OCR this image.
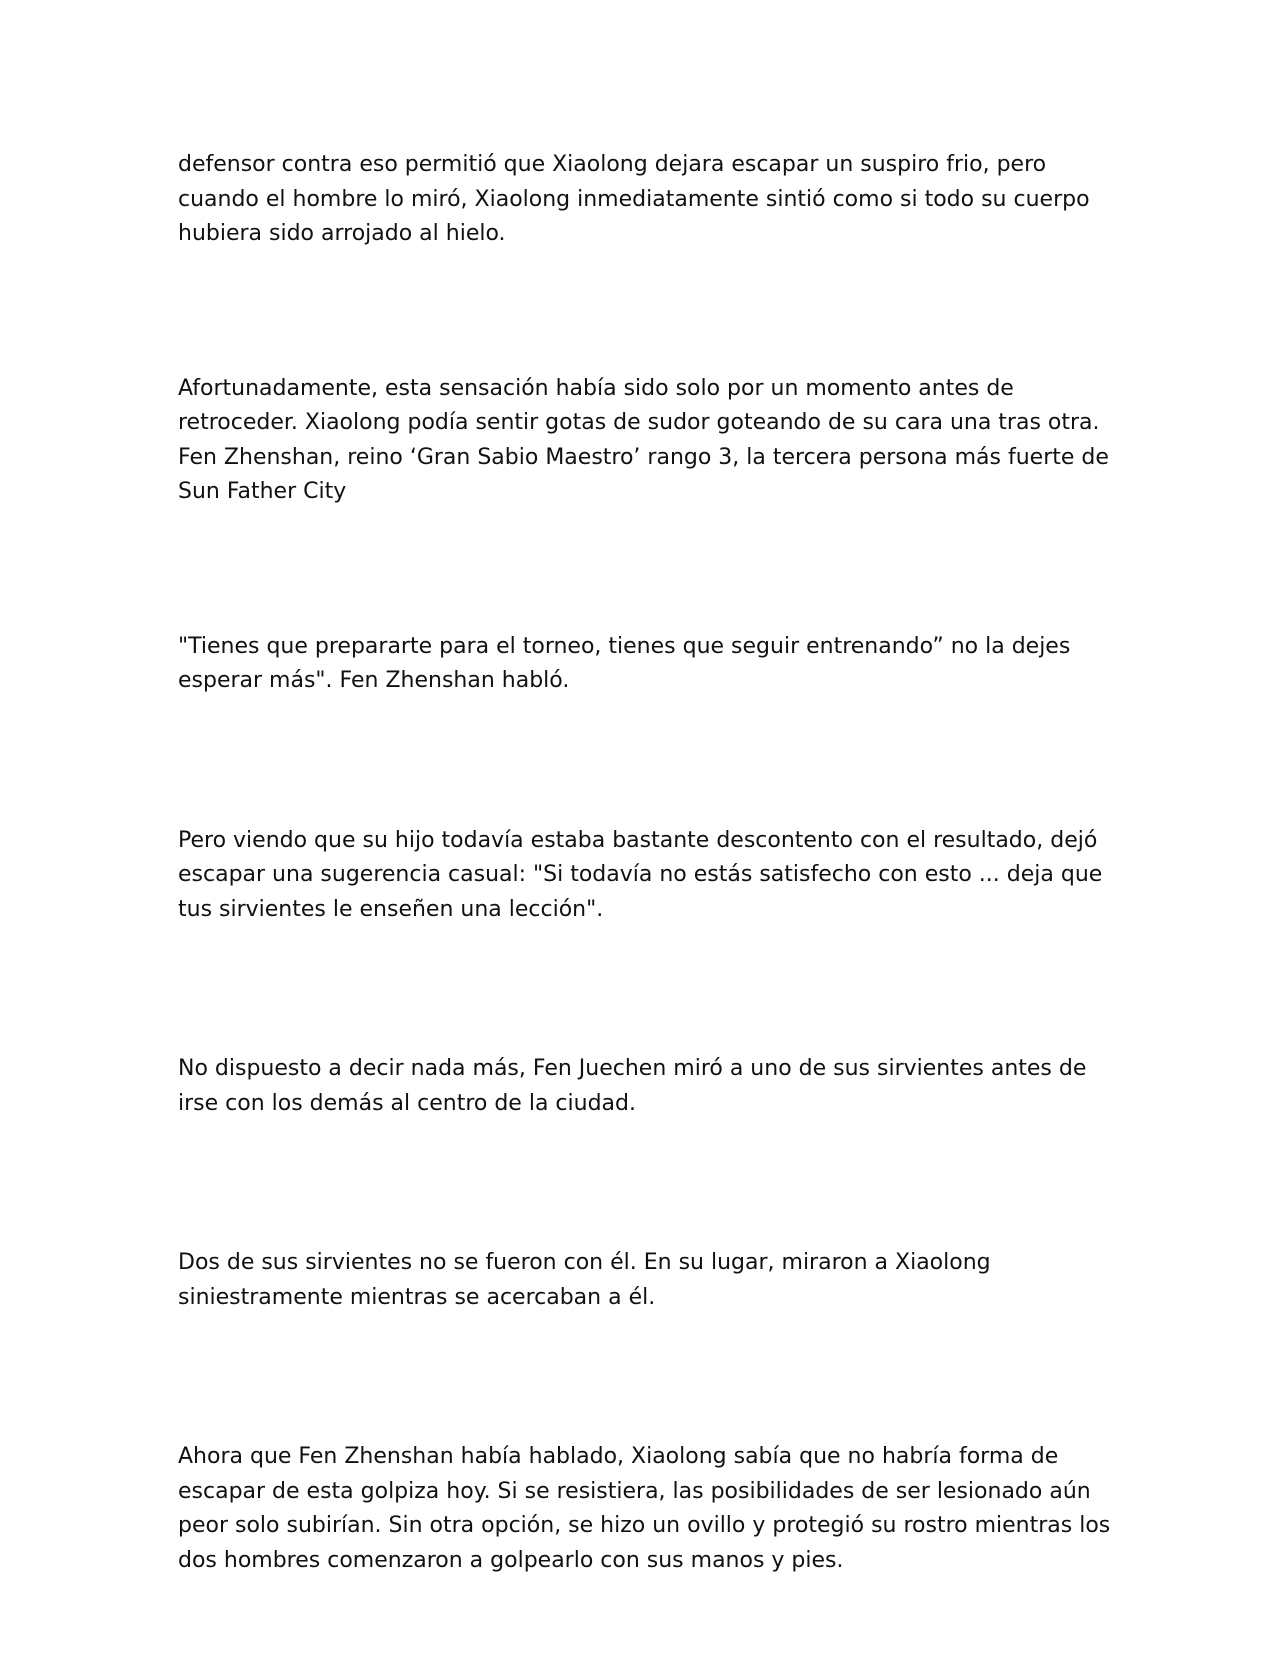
defensor contra eso permitió que Xiaolong dejara escapar un suspiro frio, pero cuando el hombre lo miró, Xiaolong inmediatamente sintió como si todo su cuerpo hubiera sido arrojado al hielo.

Afortunadamente, esta sensación había sido solo por un momento antes de retroceder. Xiaolong podía sentir gotas de sudor goteando de su cara una tras otra. Fen Zhenshan, reino ‘Gran Sabio Maestro’ rango 3, la tercera persona más fuerte de Sun Father City

"Tienes que prepararte para el torneo, tienes que seguir entrenando” no la dejes esperar más". Fen Zhenshan habló.

Pero viendo que su hijo todavía estaba bastante descontento con el resultado, dejó escapar una sugerencia casual: "Si todavía no estás satisfecho con esto ... deja que tus sirvientes le enseñen una lección".

No dispuesto a decir nada más, Fen Juechen miró a uno de sus sirvientes antes de irse con los demás al centro de la ciudad.

Dos de sus sirvientes no se fueron con él. En su lugar, miraron a Xiaolong siniestramente mientras se acercaban a él.

Ahora que Fen Zhenshan había hablado, Xiaolong sabía que no habría forma de escapar de esta golpiza hoy. Si se resistiera, las posibilidades de ser lesionado aún peor solo subirían. Sin otra opción, se hizo un ovillo y protegió su rostro mientras los dos hombres comenzaron a golpearlo con sus manos y pies.
